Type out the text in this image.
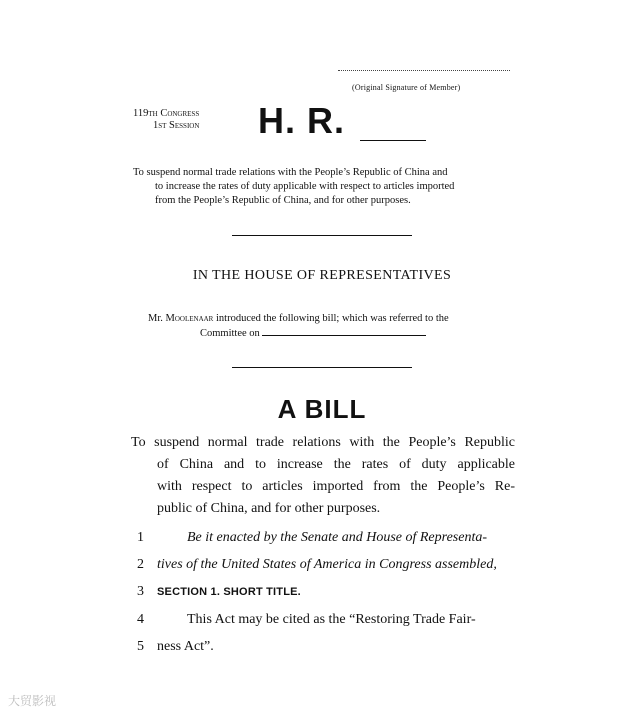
(Original Signature of Member)
119th Congress
1st Session H. R.
To suspend normal trade relations with the People’s Republic of China and
to increase the rates of duty applicable with respect to articles imported
from the People’s Republic of China, and for other purposes.
IN THE HOUSE OF REPRESENTATIVES
Mr. Moolenaar introduced the following bill; which was referred to the
Committee on
A BILL
To suspend normal trade relations with the People’s Republic
of China and to increase the rates of duty applicable
with respect to articles imported from the People’s Re-
public of China, and for other purposes.
1	Be it enacted by the Senate and House of Representa-
2 tives of the United States of America in Congress assembled,
3 SECTION 1. SHORT TITLE.
4	This Act may be cited as the “Restoring Trade Fair-
5 ness Act”.
大贸影视
